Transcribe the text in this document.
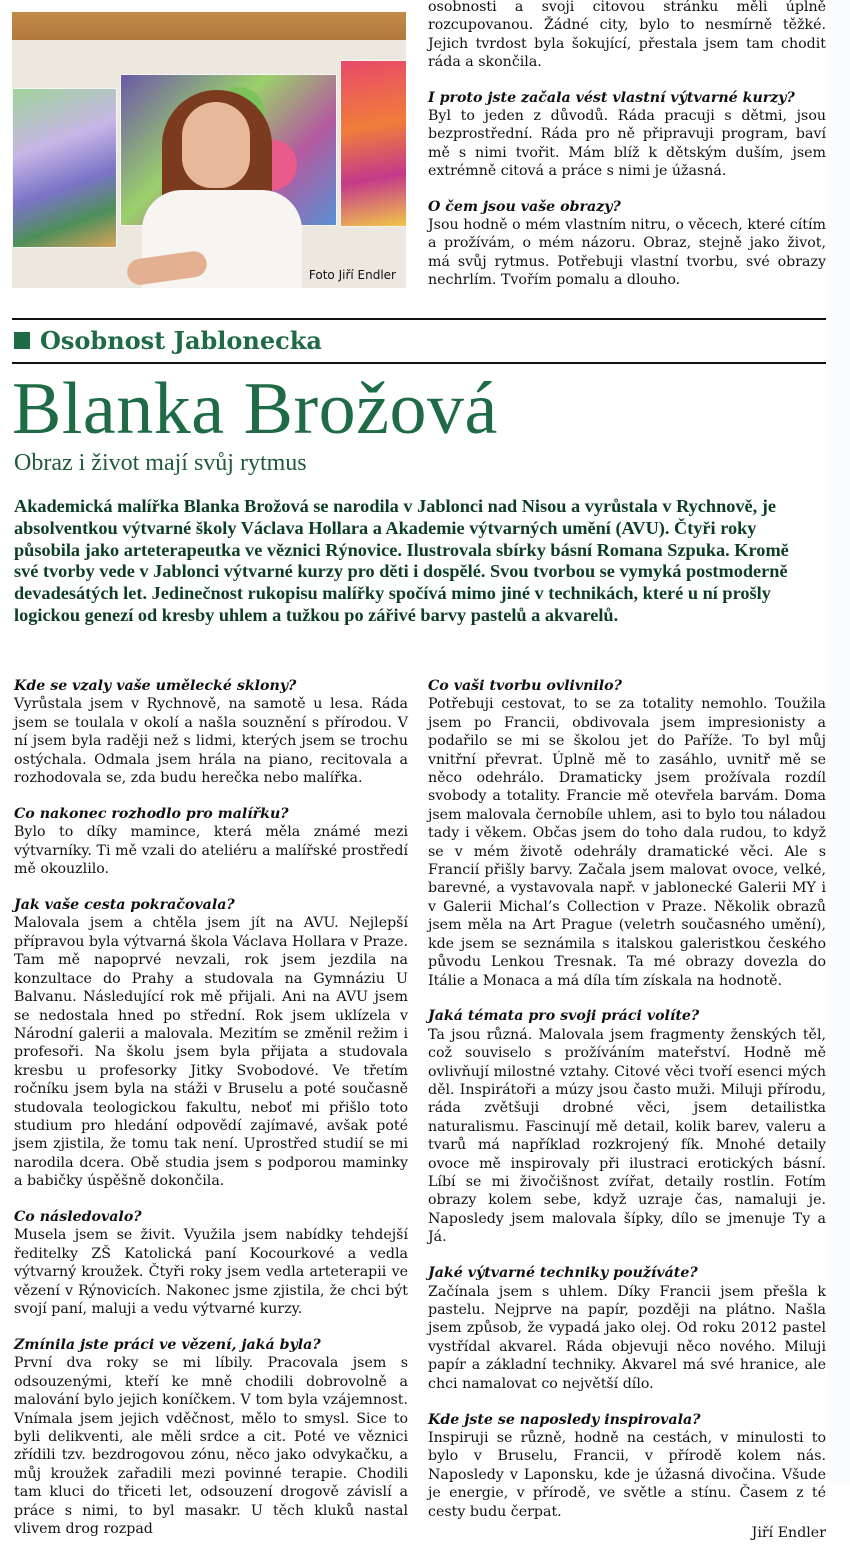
Foto Jiří Endler

osobnosti a svoji citovou stránku měli úplně rozcupovanou. Žádné city, bylo to nesmírně těžké. Jejich tvrdost byla šokující, přestala jsem tam chodit ráda a skončila.

I proto jste začala vést vlastní výtvarné kurzy?
Byl to jeden z důvodů. Ráda pracuji s dětmi, jsou bezprostřední. Ráda pro ně připravuji program, baví mě s nimi tvořit. Mám blíž k dětským duším, jsem extrémně citová a práce s nimi je úžasná.

O čem jsou vaše obrazy?
Jsou hodně o mém vlastním nitru, o věcech, které cítím a prožívám, o mém názoru. Obraz, stejně jako život, má svůj rytmus. Potřebuji vlastní tvorbu, své obrazy nechrlím. Tvořím pomalu a dlouho.

Osobnost Jablonecka
Blanka Brožová
Obraz i život mají svůj rytmus
Akademická malířka Blanka Brožová se narodila v Jablonci nad Nisou a vyrůstala v Rychnově, je absolventkou výtvarné školy Václava Hollara a Akademie výtvarných umění (AVU). Čtyři roky působila jako arteterapeutka ve věznici Rýnovice. Ilustrovala sbírky básní Romana Szpuka. Kromě své tvorby vede v Jablonci výtvarné kurzy pro děti i dospělé. Svou tvorbou se vymyká postmoderně devadesátých let. Jedinečnost rukopisu malířky spočívá mimo jiné v technikách, které u ní prošly logickou genezí od kresby uhlem a tužkou po zářivé barvy pastelů a akvarelů.

Kde se vzaly vaše umělecké sklony?
Vyrůstala jsem v Rychnově, na samotě u lesa. Ráda jsem se toulala v okolí a našla souznění s přírodou. V ní jsem byla raději než s lidmi, kterých jsem se trochu ostýchala. Odmala jsem hrála na piano, recitovala a rozhodovala se, zda budu herečka nebo malířka.

Co nakonec rozhodlo pro malířku?
Bylo to díky mamince, která měla známé mezi výtvarníky. Ti mě vzali do ateliéru a malířské prostředí mě okouzlilo.

Jak vaše cesta pokračovala?
Malovala jsem a chtěla jsem jít na AVU. Nejlepší přípravou byla výtvarná škola Václava Hollara v Praze. Tam mě napoprvé nevzali, rok jsem jezdila na konzultace do Prahy a studovala na Gymnáziu U Balvanu. Následující rok mě přijali. Ani na AVU jsem se nedostala hned po střední. Rok jsem uklízela v Národní galerii a malovala. Mezitím se změnil režim i profesoři. Na školu jsem byla přijata a studovala kresbu u profesorky Jitky Svobodové. Ve třetím ročníku jsem byla na stáži v Bruselu a poté současně studovala teologickou fakultu, neboť mi přišlo toto studium pro hledání odpovědí zajímavé, avšak poté jsem zjistila, že tomu tak není. Uprostřed studií se mi narodila dcera. Obě studia jsem s podporou maminky a babičky úspěšně dokončila.

Co následovalo?
Musela jsem se živit. Využila jsem nabídky tehdejší ředitelky ZŠ Katolická paní Kocourkové a vedla výtvarný kroužek. Čtyři roky jsem vedla arteterapii ve vězení v Rýnovicích. Nakonec jsme zjistila, že chci být svojí paní, maluji a vedu výtvarné kurzy.

Zmínila jste práci ve vězení, jaká byla?
První dva roky se mi líbily. Pracovala jsem s odsouzenými, kteří ke mně chodili dobrovolně a malování bylo jejich koníčkem. V tom byla vzájemnost. Vnímala jsem jejich vděčnost, mělo to smysl. Sice to byli delikventi, ale měli srdce a cit. Poté ve věznici zřídili tzv. bezdrogovou zónu, něco jako odvykačku, a můj kroužek zařadili mezi povinné terapie. Chodili tam kluci do třiceti let, odsouzení drogově závislí a práce s nimi, to byl masakr. U těch kluků nastal vlivem drog rozpad

Co vaši tvorbu ovlivnilo?
Potřebuji cestovat, to se za totality nemohlo. Toužila jsem po Francii, obdivovala jsem impresionisty a podařilo se mi se školou jet do Paříže. To byl můj vnitřní převrat. Úplně mě to zasáhlo, uvnitř mě se něco odehrálo. Dramaticky jsem prožívala rozdíl svobody a totality. Francie mě otevřela barvám. Doma jsem malovala černobíle uhlem, asi to bylo tou náladou tady i věkem. Občas jsem do toho dala rudou, to když se v mém životě odehrály dramatické věci. Ale s Francií přišly barvy. Začala jsem malovat ovoce, velké, barevné, a vystavovala např. v jablonecké Galerii MY i v Galerii Michal’s Collection v Praze. Několik obrazů jsem měla na Art Prague (veletrh současného umění), kde jsem se seznámila s italskou galeristkou českého původu Lenkou Tresnak. Ta mé obrazy dovezla do Itálie a Monaca a má díla tím získala na hodnotě.

Jaká témata pro svoji práci volíte?
Ta jsou různá. Malovala jsem fragmenty ženských těl, což souviselo s prožíváním mateřství. Hodně mě ovlivňují milostné vztahy. Citové věci tvoří esenci mých děl. Inspirátoři a múzy jsou často muži. Miluji přírodu, ráda zvětšuji drobné věci, jsem detailistka naturalismu. Fascinují mě detail, kolik barev, valeru a tvarů má například rozkrojený fík. Mnohé detaily ovoce mě inspirovaly při ilustraci erotických básní. Líbí se mi živočišnost zvířat, detaily rostlin. Fotím obrazy kolem sebe, když uzraje čas, namaluji je. Naposledy jsem malovala šípky, dílo se jmenuje Ty a Já.

Jaké výtvarné techniky používáte?
Začínala jsem s uhlem. Díky Francii jsem přešla k pastelu. Nejprve na papír, později na plátno. Našla jsem způsob, že vypadá jako olej. Od roku 2012 pastel vystřídal akvarel. Ráda objevuji něco nového. Miluji papír a základní techniky. Akvarel má své hranice, ale chci namalovat co největší dílo.

Kde jste se naposledy inspirovala?
Inspiruji se různě, hodně na cestách, v minulosti to bylo v Bruselu, Francii, v přírodě kolem nás. Naposledy v Laponsku, kde je úžasná divočina. Všude je energie, v přírodě, ve světle a stínu. Časem z té cesty budu čerpat.

Jiří Endler
